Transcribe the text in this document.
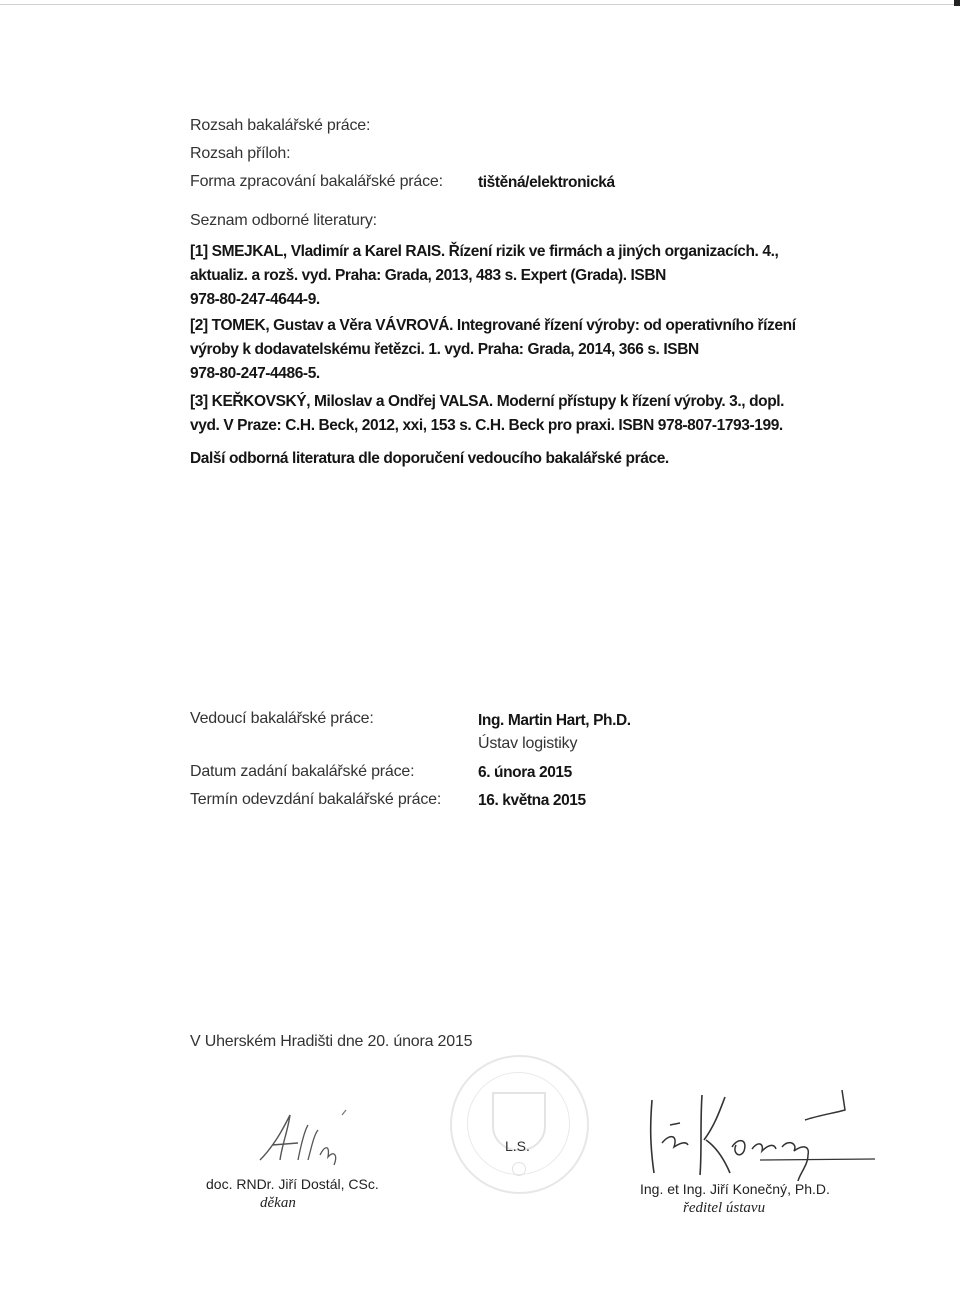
Rozsah bakalářské práce:
Rozsah příloh:
Forma zpracování bakalářské práce: tištěná/elektronická
Seznam odborné literatury:
[1] SMEJKAL, Vladimír a Karel RAIS. Řízení rizik ve firmách a jiných organizacích. 4.,
aktualiz. a rozš. vyd. Praha: Grada, 2013, 483 s. Expert (Grada). ISBN
978-80-247-4644-9.
[2] TOMEK, Gustav a Věra VÁVROVÁ. Integrované řízení výroby: od operativního řízení
výroby k dodavatelskému řetězci. 1. vyd. Praha: Grada, 2014, 366 s. ISBN
978-80-247-4486-5.
[3] KEŘKOVSKÝ, Miloslav a Ondřej VALSA. Moderní přístupy k řízení výroby. 3., dopl.
vyd. V Praze: C.H. Beck, 2012, xxi, 153 s. C.H. Beck pro praxi. ISBN 978-807-1793-199.
Další odborná literatura dle doporučení vedoucího bakalářské práce.
Vedoucí bakalářské práce:	Ing. Martin Hart, Ph.D.
Ústav logistiky
Datum zadání bakalářské práce:	6. února 2015
Termín odevzdání bakalářské práce: 16. května 2015
V Uherském Hradišti dne 20. února 2015
L.S.
doc. RNDr. Jiří Dostál, CSc.
děkan
Ing. et Ing. Jiří Konečný, Ph.D.
ředitel ústavu
